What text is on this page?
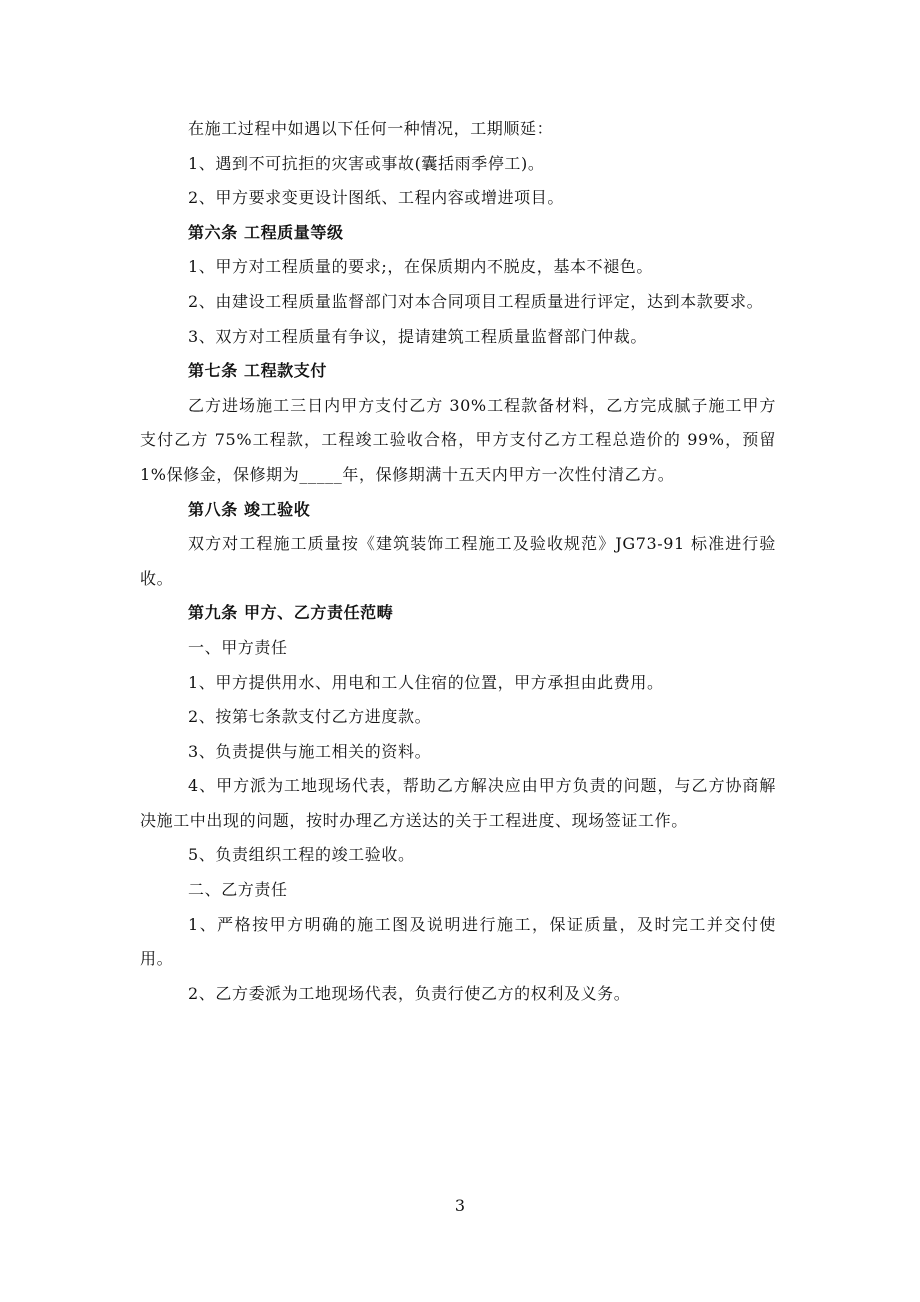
在施工过程中如遇以下任何一种情况，工期顺延：

1、遇到不可抗拒的灾害或事故(囊括雨季停工)。

2、甲方要求变更设计图纸、工程内容或增进项目。

第六条 工程质量等级

1、甲方对工程质量的要求;，在保质期内不脱皮，基本不褪色。

2、由建设工程质量监督部门对本合同项目工程质量进行评定，达到本款要求。

3、双方对工程质量有争议，提请建筑工程质量监督部门仲裁。

第七条 工程款支付

乙方进场施工三日内甲方支付乙方 30%工程款备材料，乙方完成腻子施工甲方支付乙方 75%工程款，工程竣工验收合格，甲方支付乙方工程总造价的 99%，预留 1%保修金，保修期为_____年，保修期满十五天内甲方一次性付清乙方。

第八条 竣工验收

双方对工程施工质量按《建筑装饰工程施工及验收规范》JG73-91 标准进行验收。

第九条 甲方、乙方责任范畴

一、甲方责任

1、甲方提供用水、用电和工人住宿的位置，甲方承担由此费用。

2、按第七条款支付乙方进度款。

3、负责提供与施工相关的资料。

4、甲方派为工地现场代表，帮助乙方解决应由甲方负责的问题，与乙方协商解决施工中出现的问题，按时办理乙方送达的关于工程进度、现场签证工作。

5、负责组织工程的竣工验收。

二、乙方责任

1、严格按甲方明确的施工图及说明进行施工，保证质量，及时完工并交付使用。

2、乙方委派为工地现场代表，负责行使乙方的权利及义务。

3
